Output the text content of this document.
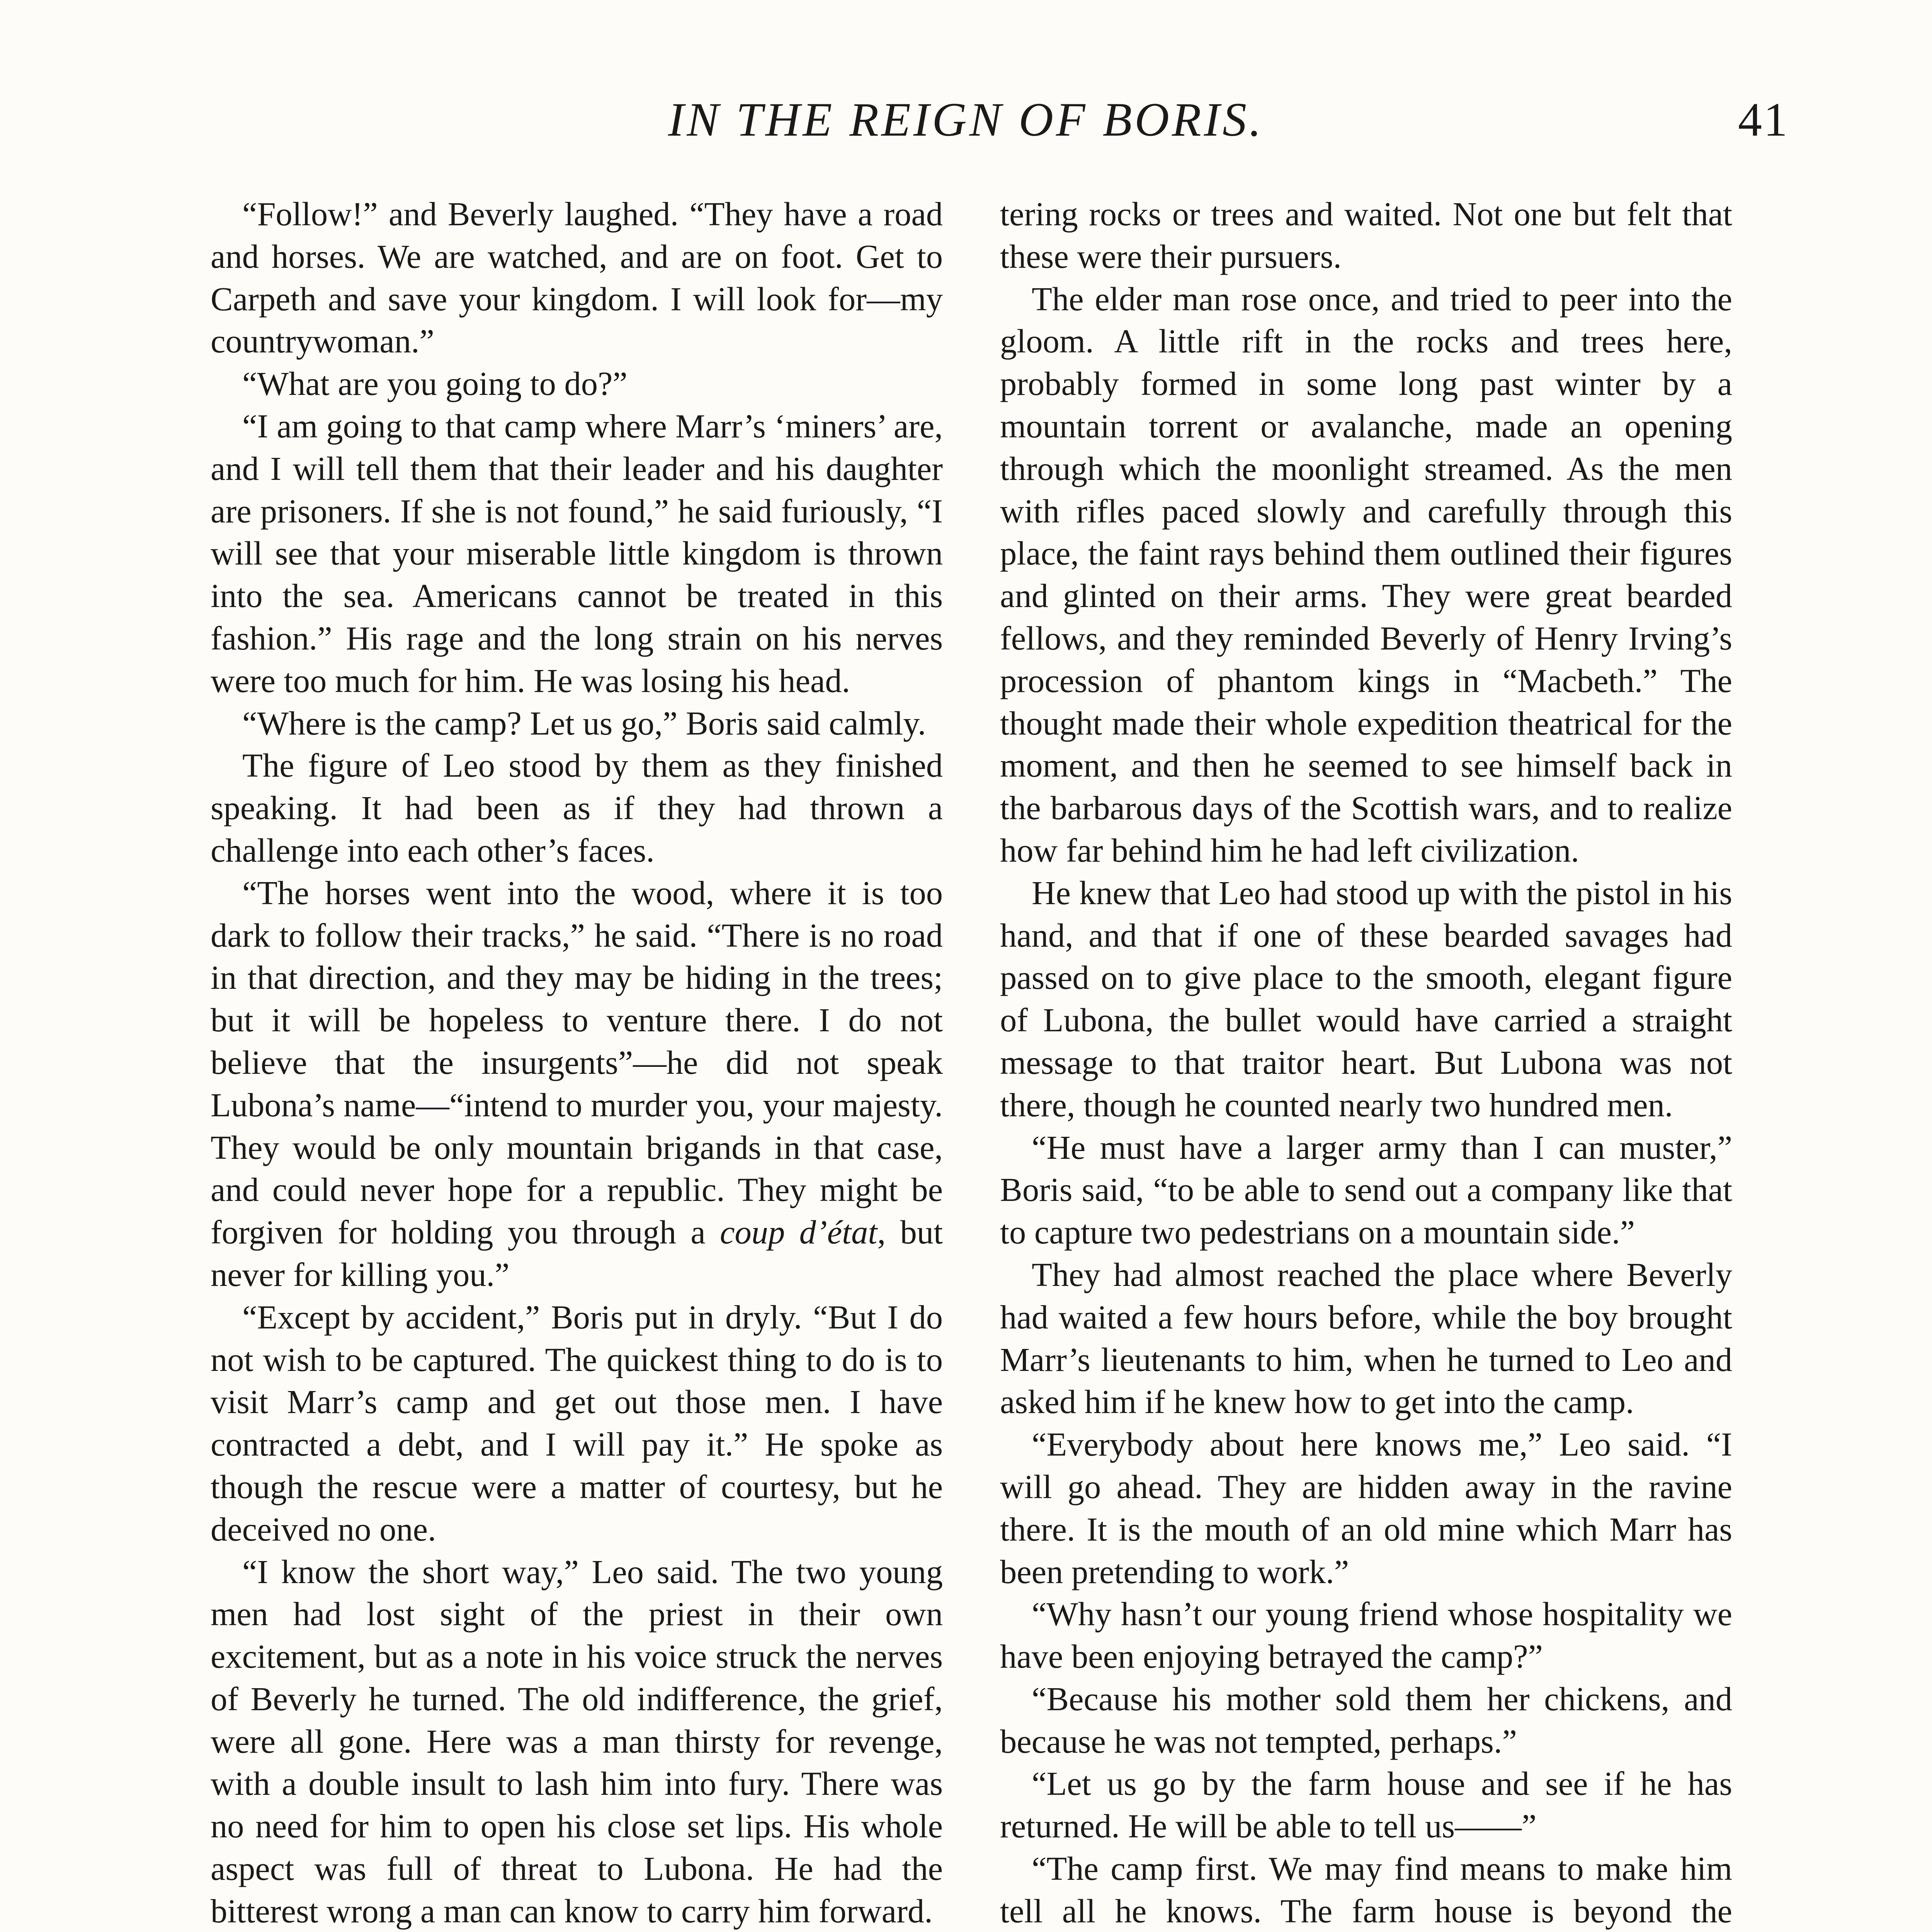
IN THE REIGN OF BORIS.	41

“Follow!” and Beverly laughed. “They have a road and horses. We are watched, and are on foot. Get to Carpeth and save your kingdom. I will look for—my countrywoman.”

“What are you going to do?”

“I am going to that camp where Marr’s ‘miners’ are, and I will tell them that their leader and his daughter are prisoners. If she is not found,” he said furiously, “I will see that your miserable little kingdom is thrown into the sea. Americans cannot be treated in this fashion.” His rage and the long strain on his nerves were too much for him. He was losing his head.

“Where is the camp? Let us go,” Boris said calmly.

The figure of Leo stood by them as they finished speaking. It had been as if they had thrown a challenge into each other’s faces.

“The horses went into the wood, where it is too dark to follow their tracks,” he said. “There is no road in that direction, and they may be hiding in the trees; but it will be hopeless to venture there. I do not believe that the insurgents”—he did not speak Lubona’s name—“intend to murder you, your majesty. They would be only mountain brigands in that case, and could never hope for a republic. They might be forgiven for holding you through a coup d’état, but never for killing you.”

“Except by accident,” Boris put in dryly. “But I do not wish to be captured. The quickest thing to do is to visit Marr’s camp and get out those men. I have contracted a debt, and I will pay it.” He spoke as though the rescue were a matter of courtesy, but he deceived no one.

“I know the short way,” Leo said. The two young men had lost sight of the priest in their own excitement, but as a note in his voice struck the nerves of Beverly he turned. The old indifference, the grief, were all gone. Here was a man thirsty for revenge, with a double insult to lash him into fury. There was no need for him to open his close set lips. His whole aspect was full of threat to Lubona. He had the bitterest wrong a man can know to carry him forward.

tering rocks or trees and waited. Not one but felt that these were their pursuers.

The elder man rose once, and tried to peer into the gloom. A little rift in the rocks and trees here, probably formed in some long past winter by a mountain torrent or avalanche, made an opening through which the moonlight streamed. As the men with rifles paced slowly and carefully through this place, the faint rays behind them outlined their figures and glinted on their arms. They were great bearded fellows, and they reminded Beverly of Henry Irving’s procession of phantom kings in “Macbeth.” The thought made their whole expedition theatrical for the moment, and then he seemed to see himself back in the barbarous days of the Scottish wars, and to realize how far behind him he had left civilization.

He knew that Leo had stood up with the pistol in his hand, and that if one of these bearded savages had passed on to give place to the smooth, elegant figure of Lubona, the bullet would have carried a straight message to that traitor heart. But Lubona was not there, though he counted nearly two hundred men.

“He must have a larger army than I can muster,” Boris said, “to be able to send out a company like that to capture two pedestrians on a mountain side.”

They had almost reached the place where Beverly had waited a few hours before, while the boy brought Marr’s lieutenants to him, when he turned to Leo and asked him if he knew how to get into the camp.

“Everybody about here knows me,” Leo said. “I will go ahead. They are hidden away in the ravine there. It is the mouth of an old mine which Marr has been pretending to work.”

“Why hasn’t our young friend whose hospitality we have been enjoying betrayed the camp?”

“Because his mother sold them her chickens, and because he was not tempted, perhaps.”

“Let us go by the farm house and see if he has returned. He will be able to tell us——”

“The camp first. We may find means to make him tell all he knows. The farm house is beyond the
